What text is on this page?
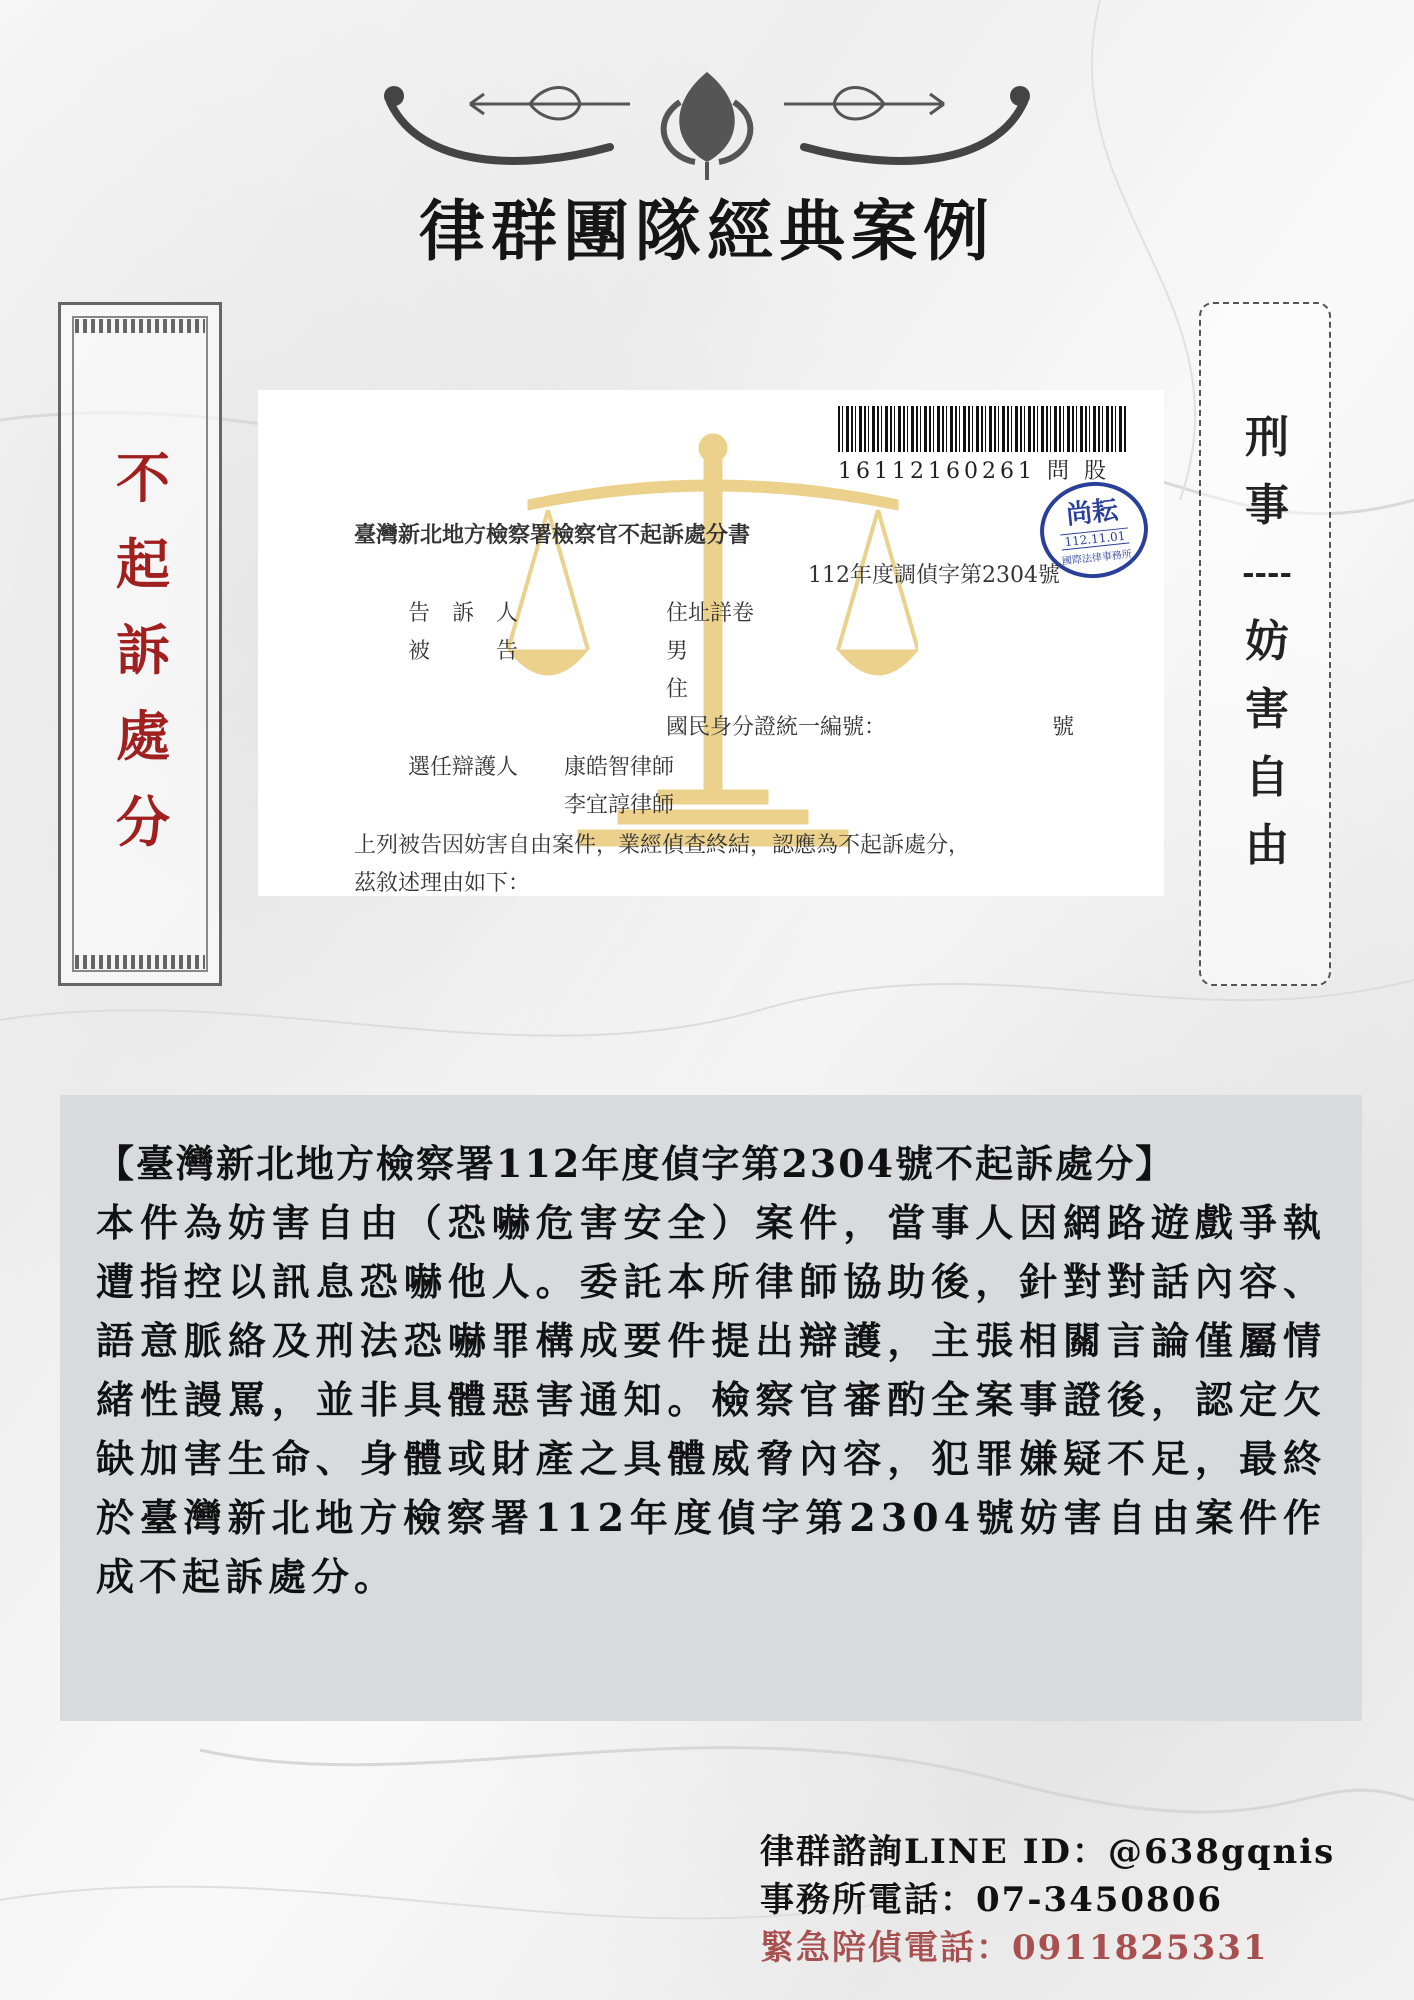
律群團隊經典案例
不
起
訴
處
分
刑
事
----
妨
害
自
由
16112160261 問 股
尚耘
112.11.01
國際法律事務所
臺灣新北地方檢察署檢察官不起訴處分書
112年度調偵字第2304號
告　訴　人	住址詳卷
被　　　告	男
住
國民身分證統一編號：	號
選任辯護人 康皓智律師
李宜諄律師
上列被告因妨害自由案件，業經偵查終結，認應為不起訴處分，
茲敘述理由如下：
【臺灣新北地方檢察署112年度偵字第2304號不起訴處分】
本件為妨害自由（恐嚇危害安全）案件，當事人因網路遊戲爭執遭指控以訊息恐嚇他人。委託本所律師協助後，針對對話內容、語意脈絡及刑法恐嚇罪構成要件提出辯護，主張相關言論僅屬情緒性謾罵，並非具體惡害通知。檢察官審酌全案事證後，認定欠缺加害生命、身體或財產之具體威脅內容，犯罪嫌疑不足，最終於臺灣新北地方檢察署112年度偵字第2304號妨害自由案件作成不起訴處分。
律群諮詢LINE ID：@638gqnis
事務所電話：07-3450806
緊急陪偵電話：0911825331
